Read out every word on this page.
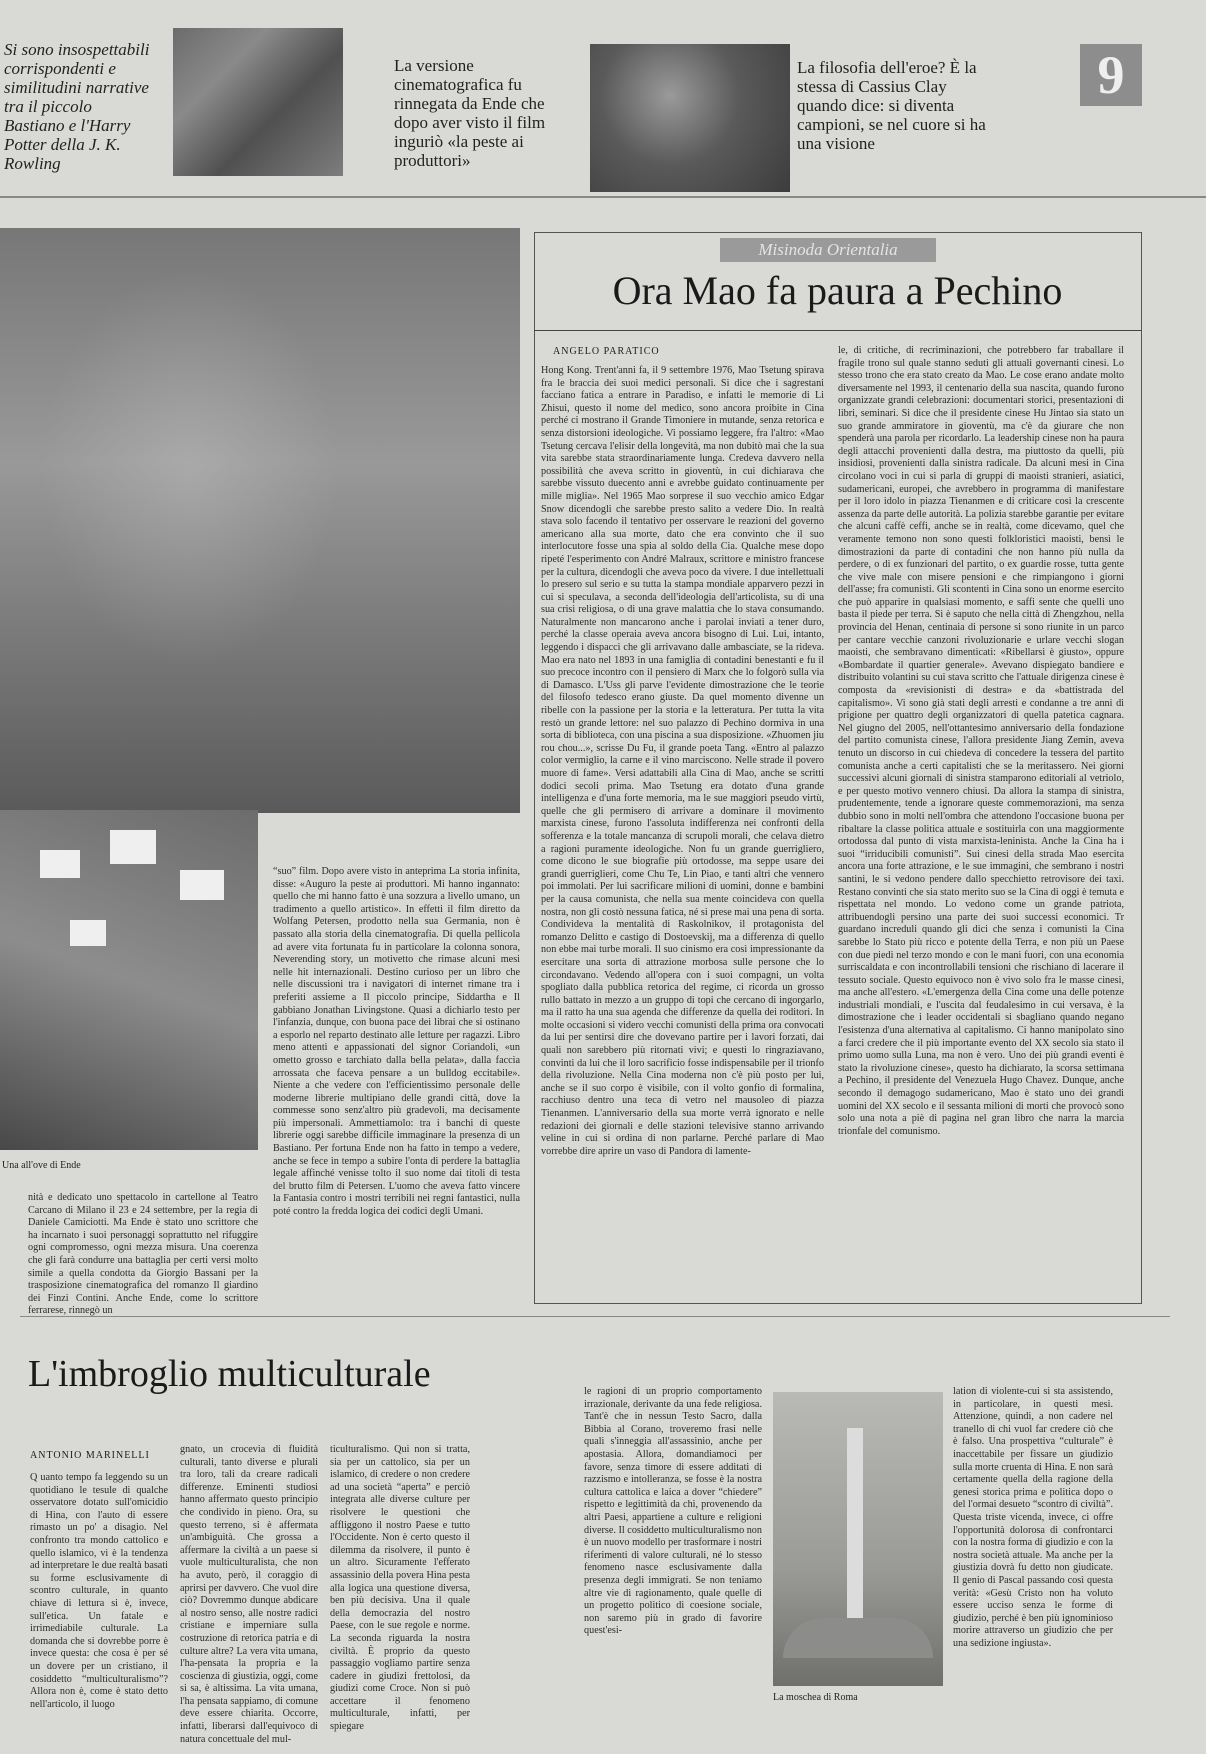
Si sono insospettabili corrispondenti e similitudini narrative tra il piccolo Bastiano e l'Harry Potter della J. K. Rowling
La versione cinematografica fu rinnegata da Ende che dopo aver visto il film inguriò «la peste ai produttori»
La filosofia dell'eroe? È la stessa di Cassius Clay quando dice: si diventa campioni, se nel cuore si ha una visione
9
Una all'ove di Ende
nità e dedicato uno spettacolo in cartellone al Teatro Carcano di Milano il 23 e 24 settembre, per la regia di Daniele Camiciotti. Ma Ende è stato uno scrittore che ha incarnato i suoi personaggi soprattutto nel rifuggire ogni compromesso, ogni mezza misura. Una coerenza che gli farà condurre una battaglia per certi versi molto simile a quella condotta da Giorgio Bassani per la trasposizione cinematografica del romanzo Il giardino dei Finzi Contini. Anche Ende, come lo scrittore ferrarese, rinnegò un
“suo” film. Dopo avere visto in anteprima La storia infinita, disse: «Auguro la peste ai produttori. Mi hanno ingannato: quello che mi hanno fatto è una sozzura a livello umano, un tradimento a quello artistico». In effetti il film diretto da Wolfang Petersen, prodotto nella sua Germania, non è passato alla storia della cinematografia. Di quella pellicola ad avere vita fortunata fu in particolare la colonna sonora, Neverending story, un motivetto che rimase alcuni mesi nelle hit internazionali. Destino curioso per un libro che nelle discussioni tra i navigatori di internet rimane tra i preferiti assieme a Il piccolo principe, Siddartha e Il gabbiano Jonathan Livingstone. Quasi a dichiarlo testo per l'infanzia, dunque, con buona pace dei librai che si ostinano a esporlo nel reparto destinato alle letture per ragazzi. Libro meno attenti e appassionati del signor Coriandoli, «un ometto grosso e tarchiato dalla bella pelata», dalla faccia arrossata che faceva pensare a un bulldog eccitabile». Niente a che vedere con l'efficientissimo personale delle moderne librerie multipiano delle grandi città, dove la commesse sono senz'altro più gradevoli, ma decisamente più impersonali. Ammettiamolo: tra i banchi di queste librerie oggi sarebbe difficile immaginare la presenza di un Bastiano. Per fortuna Ende non ha fatto in tempo a vedere, anche se fece in tempo a subire l'onta di perdere la battaglia legale affinché venisse tolto il suo nome dai titoli di testa del brutto film di Petersen. L'uomo che aveva fatto vincere la Fantasia contro i mostri terribili nei regni fantastici, nulla poté contro la fredda logica dei codici degli Umani.
Misinoda Orientalia
Ora Mao fa paura a Pechino
ANGELO PARATICO
Hong Kong. Trent'anni fa, il 9 settembre 1976, Mao Tsetung spirava fra le braccia dei suoi medici personali. Si dice che i sagrestani facciano fatica a entrare in Paradiso, e infatti le memorie di Li Zhisui, questo il nome del medico, sono ancora proibite in Cina perché ci mostrano il Grande Timoniere in mutande, senza retorica e senza distorsioni ideologiche. Vi possiamo leggere, fra l'altro: «Mao Tsetung cercava l'elisir della longevità, ma non dubitò mai che la sua vita sarebbe stata straordinariamente lunga. Credeva davvero nella possibilità che aveva scritto in gioventù, in cui dichiarava che sarebbe vissuto duecento anni e avrebbe guidato continuamente per mille miglia». Nel 1965 Mao sorprese il suo vecchio amico Edgar Snow dicendogli che sarebbe presto salito a vedere Dio. In realtà stava solo facendo il tentativo per osservare le reazioni del governo americano alla sua morte, dato che era convinto che il suo interlocutore fosse una spia al soldo della Cia. Qualche mese dopo ripeté l'esperimento con André Malraux, scrittore e ministro francese per la cultura, dicendogli che aveva poco da vivere. I due intellettuali lo presero sul serio e su tutta la stampa mondiale apparvero pezzi in cui si speculava, a seconda dell'ideologia dell'articolista, su di una sua crisi religiosa, o di una grave malattia che lo stava consumando. Naturalmente non mancarono anche i parolai inviati a tener duro, perché la classe operaia aveva ancora bisogno di Lui. Lui, intanto, leggendo i dispacci che gli arrivavano dalle ambasciate, se la rideva. Mao era nato nel 1893 in una famiglia di contadini benestanti e fu il suo precoce incontro con il pensiero di Marx che lo folgorò sulla via di Damasco. L'Uss gli parve l'evidente dimostrazione che le teorie del filosofo tedesco erano giuste. Da quel momento divenne un ribelle con la passione per la storia e la letteratura. Per tutta la vita restò un grande lettore: nel suo palazzo di Pechino dormiva in una sorta di biblioteca, con una piscina a sua disposizione. «Zhuomen jiu rou chou...», scrisse Du Fu, il grande poeta Tang. «Entro al palazzo color vermiglio, la carne e il vino marciscono. Nelle strade il povero muore di fame». Versi adattabili alla Cina di Mao, anche se scritti dodici secoli prima. Mao Tsetung era dotato d'una grande intelligenza e d'una forte memoria, ma le sue maggiori pseudo virtù, quelle che gli permisero di arrivare a dominare il movimento marxista cinese, furono l'assoluta indifferenza nei confronti della sofferenza e la totale mancanza di scrupoli morali, che celava dietro a ragioni puramente ideologiche. Non fu un grande guerrigliero, come dicono le sue biografie più ortodosse, ma seppe usare dei grandi guerriglieri, come Chu Te, Lin Piao, e tanti altri che vennero poi immolati. Per lui sacrificare milioni di uomini, donne e bambini per la causa comunista, che nella sua mente coincideva con quella nostra, non gli costò nessuna fatica, né si prese mai una pena di sorta. Condivideva la mentalità di Raskolnikov, il protagonista del romanzo Delitto e castigo di Dostoevskij, ma a differenza di quello non ebbe mai turbe morali. Il suo cinismo era così impressionante da esercitare una sorta di attrazione morbosa sulle persone che lo circondavano. Vedendo all'opera con i suoi compagni, un volta spogliato dalla pubblica retorica del regime, ci ricorda un grosso rullo battato in mezzo a un gruppo di topi che cercano di ingorgarlo, ma il ratto ha una sua agenda che differenze da quella dei roditori. In molte occasioni si videro vecchi comunisti della prima ora convocati da lui per sentirsi dire che dovevano partire per i lavori forzati, dai quali non sarebbero più ritornati vivi; e questi lo ringraziavano, convinti da lui che il loro sacrificio fosse indispensabile per il trionfo della rivoluzione. Nella Cina moderna non c'è più posto per lui, anche se il suo corpo è visibile, con il volto gonfio di formalina, racchiuso dentro una teca di vetro nel mausoleo di piazza Tienanmen. L'anniversario della sua morte verrà ignorato e nelle redazioni dei giornali e delle stazioni televisive stanno arrivando veline in cui si ordina di non parlarne. Perché parlare di Mao vorrebbe dire aprire un vaso di Pandora di lamente-
le, di critiche, di recriminazioni, che potrebbero far traballare il fragile trono sul quale stanno seduti gli attuali governanti cinesi. Lo stesso trono che era stato creato da Mao. Le cose erano andate molto diversamente nel 1993, il centenario della sua nascita, quando furono organizzate grandi celebrazioni: documentari storici, presentazioni di libri, seminari. Si dice che il presidente cinese Hu Jintao sia stato un suo grande ammiratore in gioventù, ma c'è da giurare che non spenderà una parola per ricordarlo. La leadership cinese non ha paura degli attacchi provenienti dalla destra, ma piuttosto da quelli, più insidiosi, provenienti dalla sinistra radicale. Da alcuni mesi in Cina circolano voci in cui si parla di gruppi di maoisti stranieri, asiatici, sudamericani, europei, che avrebbero in programma di manifestare per il loro idolo in piazza Tienanmen e di criticare così la crescente assenza da parte delle autorità. La polizia starebbe garantie per evitare che alcuni caffè ceffi, anche se in realtà, come dicevamo, quel che veramente temono non sono questi folkloristici maoisti, bensì le dimostrazioni da parte di contadini che non hanno più nulla da perdere, o di ex funzionari del partito, o ex guardie rosse, tutta gente che vive male con misere pensioni e che rimpiangono i giorni dell'asse; fra comunisti. Gli scontenti in Cina sono un enorme esercito che può apparire in qualsiasi momento, e saffi sente che quelli uno basta il piede per terra. Si è saputo che nella città di Zhengzhou, nella provincia del Henan, centinaia di persone si sono riunite in un parco per cantare vecchie canzoni rivoluzionarie e urlare vecchi slogan maoisti, che sembravano dimenticati: «Ribellarsi è giusto», oppure «Bombardate il quartier generale». Avevano dispiegato bandiere e distribuito volantini su cui stava scritto che l'attuale dirigenza cinese è composta da «revisionisti di destra» e da «battistrada del capitalismo». Vi sono già stati degli arresti e condanne a tre anni di prigione per quattro degli organizzatori di quella patetica cagnara. Nel giugno del 2005, nell'ottantesimo anniversario della fondazione del partito comunista cinese, l'allora presidente Jiang Zemin, aveva tenuto un discorso in cui chiedeva di concedere la tessera del partito comunista anche a certi capitalisti che se la meritassero. Nei giorni successivi alcuni giornali di sinistra stamparono editoriali al vetriolo, e per questo motivo vennero chiusi. Da allora la stampa di sinistra, prudentemente, tende a ignorare queste commemorazioni, ma senza dubbio sono in molti nell'ombra che attendono l'occasione buona per ribaltare la classe politica attuale e sostituirla con una maggiormente ortodossa dal punto di vista marxista-leninista. Anche la Cina ha i suoi “irriducibili comunisti”. Sui cinesi della strada Mao esercita ancora una forte attrazione, e le sue immagini, che sembrano i nostri santini, le si vedono pendere dallo specchietto retrovisore dei taxi. Restano convinti che sia stato merito suo se la Cina di oggi è temuta e rispettata nel mondo. Lo vedono come un grande patriota, attribuendogli persino una parte dei suoi successi economici. Tr guardano increduli quando gli dici che senza i comunisti la Cina sarebbe lo Stato più ricco e potente della Terra, e non più un Paese con due piedi nel terzo mondo e con le mani fuori, con una economia surriscaldata e con incontrollabili tensioni che rischiano di lacerare il tessuto sociale. Questo equivoco non è vivo solo fra le masse cinesi, ma anche all'estero. «L'emergenza della Cina come una delle potenze industriali mondiali, e l'uscita dal feudalesimo in cui versava, è la dimostrazione che i leader occidentali si sbagliano quando negano l'esistenza d'una alternativa al capitalismo. Ci hanno manipolato sino a farci credere che il più importante evento del XX secolo sia stato il primo uomo sulla Luna, ma non è vero. Uno dei più grandi eventi è stato la rivoluzione cinese», questo ha dichiarato, la scorsa settimana a Pechino, il presidente del Venezuela Hugo Chavez. Dunque, anche secondo il demagogo sudamericano, Mao è stato uno dei grandi uomini del XX secolo e il sessanta milioni di morti che provocò sono solo una nota a piè di pagina nel gran libro che narra la marcia trionfale del comunismo.
L'imbroglio multiculturale
ANTONIO MARINELLI
Q uanto tempo fa leggendo su un quotidiano le tesule di qualche osservatore dotato sull'omicidio di Hina, con l'auto di essere rimasto un po' a disagio. Nel confronto tra mondo cattolico e quello islamico, vi è la tendenza ad interpretare le due realtà basati su forme esclusivamente di scontro culturale, in quanto chiave di lettura si è, invece, sull'etica. Un fatale e irrimediabile culturale. La domanda che si dovrebbe porre è invece questa: che cosa è per sé un dovere per un cristiano, il cosiddetto “multiculturalismo”? Allora non è, come è stato detto nell'articolo, il luogo
gnato, un crocevia di fluidità culturali, tanto diverse e plurali tra loro, tali da creare radicali differenze. Eminenti studiosi hanno affermato questo principio che condivido in pieno. Ora, su questo terreno, si è affermata un'ambiguità. Che grossa a affermare la civiltà a un paese si vuole multiculturalista, che non ha avuto, però, il coraggio di aprirsi per davvero. Che vuol dire ciò? Dovremmo dunque abdicare al nostro senso, alle nostre radici cristiane e imperniare sulla costruzione di retorica patria e di culture altre? La vera vita umana, l'ha-pensata la propria e la coscienza di giustizia, oggi, come si sa, è altissima. La vita umana, l'ha pensata sappiamo, di comune deve essere chiarita. Occorre, infatti, liberarsi dall'equivoco di natura concettuale del mul-
ticulturalismo. Qui non si tratta, sia per un cattolico, sia per un islamico, di credere o non credere ad una società “aperta” e perciò integrata alle diverse culture per risolvere le questioni che affliggono il nostro Paese e tutto l'Occidente. Non è certo questo il dilemma da risolvere, il punto è un altro. Sicuramente l'efferato assassinio della povera Hina pesta alla logica una questione diversa, ben più decisiva. Una il quale della democrazia del nostro Paese, con le sue regole e norme. La seconda riguarda la nostra civiltà. È proprio da questo passaggio vogliamo partire senza cadere in giudizi frettolosi, da giudizi come Croce. Non si può accettare il fenomeno multiculturale, infatti, per spiegare
le ragioni di un proprio comportamento irrazionale, derivante da una fede religiosa. Tant'è che in nessun Testo Sacro, dalla Bibbia al Corano, troveremo frasi nelle quali s'inneggia all'assassinio, anche per apostasia. Allora, domandiamoci per favore, senza timore di essere additati di razzismo e intolleranza, se fosse è la nostra cultura cattolica e laica a dover “chiedere” rispetto e legittimità da chi, provenendo da altri Paesi, appartiene a culture e religioni diverse. Il cosiddetto multiculturalismo non è un nuovo modello per trasformare i nostri riferimenti di valore culturali, né lo stesso fenomeno nasce esclusivamente dalla presenza degli immigrati. Se non teniamo altre vie di ragionamento, quale quelle di un progetto politico di coesione sociale, non saremo più in grado di favorire quest'esi-
La moschea di Roma
lation di violente-cui si sta assistendo, in particolare, in questi mesi. Attenzione, quindi, a non cadere nel tranello di chi vuol far credere ciò che è falso. Una prospettiva “culturale” è inaccettabile per fissare un giudizio sulla morte cruenta di Hina. E non sarà certamente quella della ragione della genesi storica prima e politica dopo o del l'ormai desueto “scontro di civiltà”. Questa triste vicenda, invece, ci offre l'opportunità dolorosa di confrontarci con la nostra forma di giudizio e con la nostra società attuale. Ma anche per la giustizia dovrà fu detto non giudicate. Il genio di Pascal passando così questa verità: «Gesù Cristo non ha voluto essere ucciso senza le forme di giudizio, perché è ben più ignominioso morire attraverso un giudizio che per una sedizione ingiusta».
